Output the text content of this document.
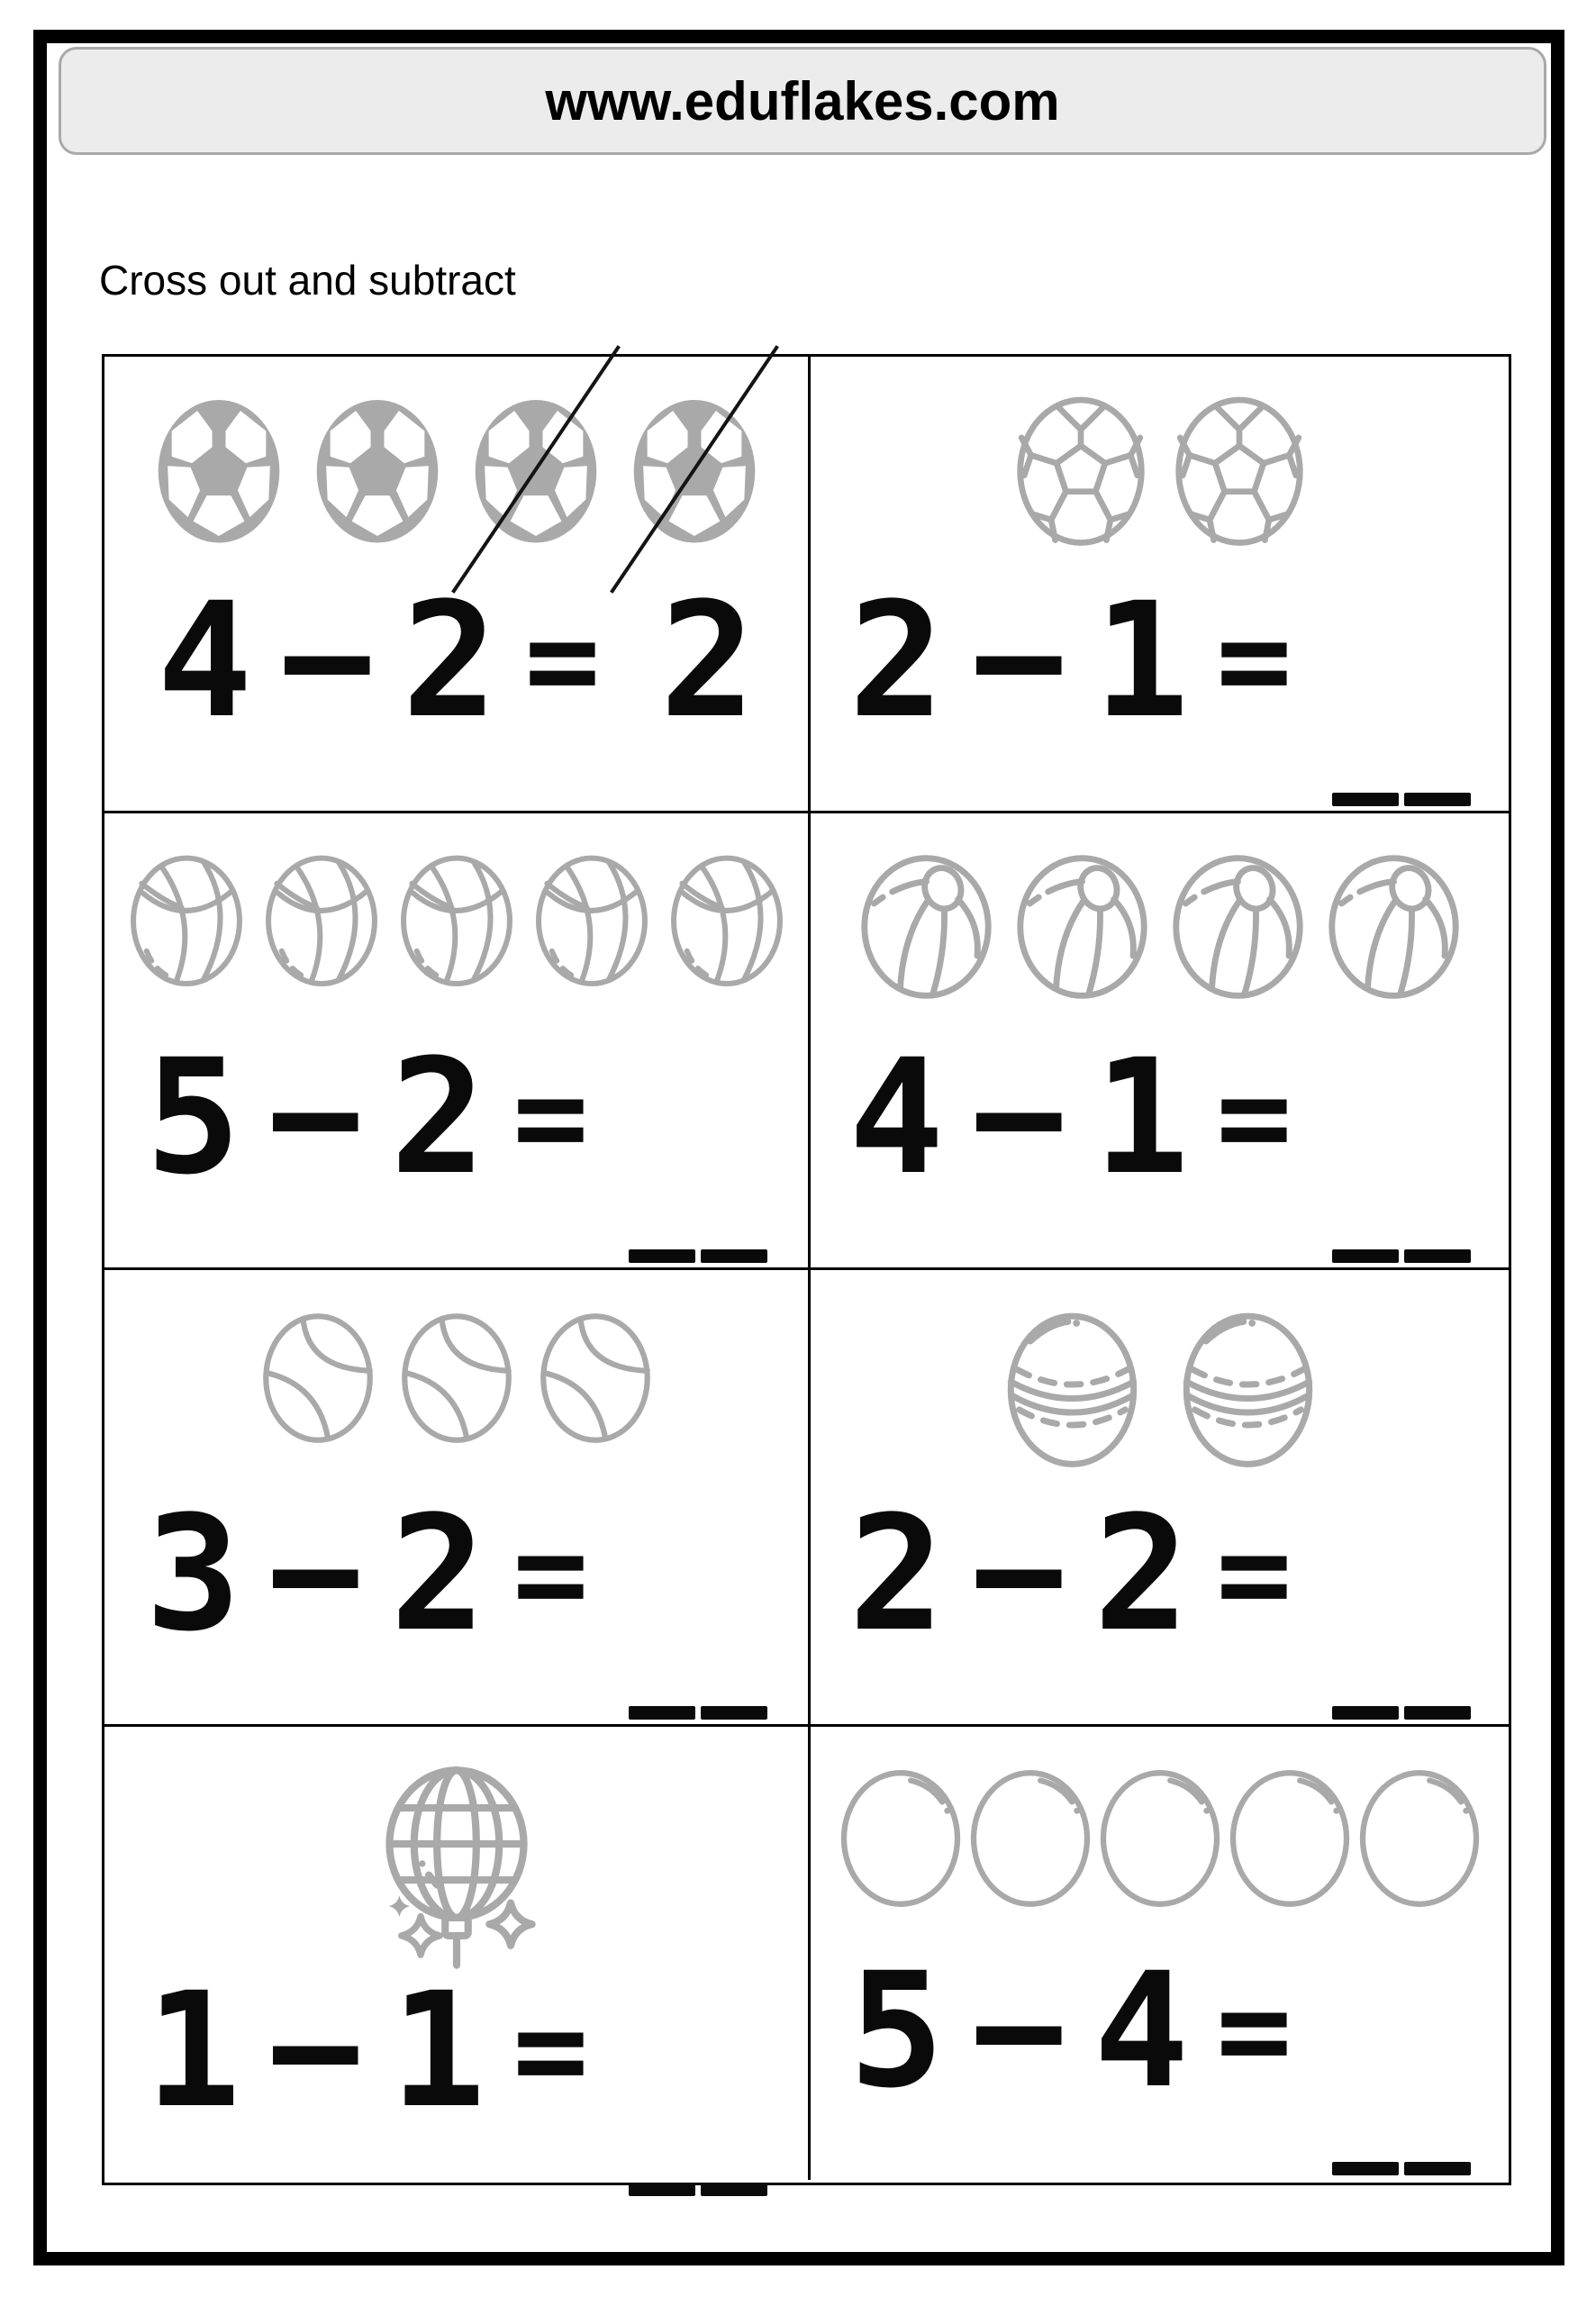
www.eduflakes.com
Cross out and subtract
4 − 2 = 2 2 − 1 =
5 − 2 = 4 − 1 =
3 − 2 = 2 − 2 =
1 − 1 = 5 − 4 =
